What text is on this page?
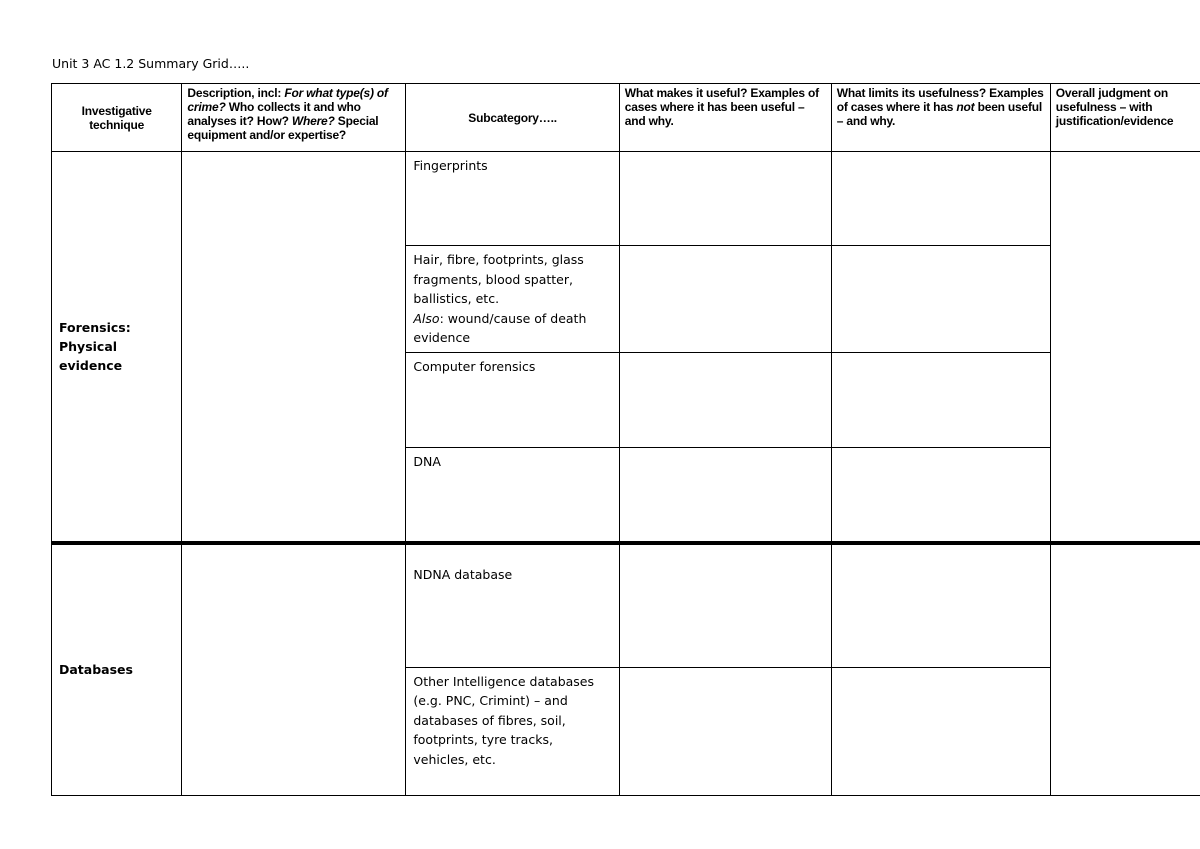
Unit 3 AC 1.2 Summary Grid…..
Investigative technique	Description, incl: For what type(s) of crime? Who collects it and who analyses it? How? Where? Special equipment and/or expertise?	Subcategory…..	What makes it useful? Examples of cases where it has been useful – and why.	What limits its usefulness? Examples of cases where it has not been useful – and why.	Overall judgment on usefulness – with justification/evidence
Forensics:
Physical evidence		Fingerprints			
		Hair, fibre, footprints, glass fragments, blood spatter, ballistics, etc.
Also: wound/cause of death evidence			
		Computer forensics			
		DNA			
Databases		NDNA database			
		Other Intelligence databases (e.g. PNC, Crimint) – and databases of fibres, soil, footprints, tyre tracks, vehicles, etc.			
